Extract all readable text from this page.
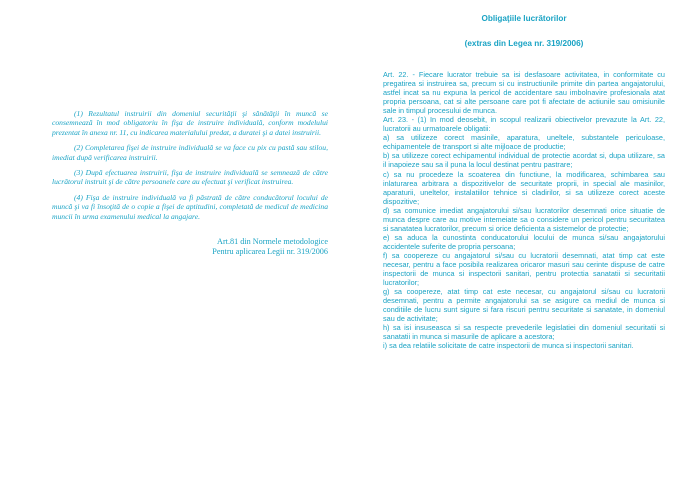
(1) Rezultatul instruirii din domeniul securităţii şi sănătăţii în muncă se consemnează în mod obligatoriu în fişa de instruire individuală, conform modelului prezentat în anexa nr. 11, cu indicarea materialului predat, a duratei şi a datei instruirii.

(2) Completarea fişei de instruire individuală se va face cu pix cu pastă sau stilou, imediat după verificarea instruirii.

(3) După efectuarea instruirii, fişa de instruire individuală se semnează de către lucrătorul instruit şi de către persoanele care au efectuat şi verificat instruirea.

(4) Fişa de instruire individuală va fi păstrată de către conducătorul locului de muncă şi va fi însoţită de o copie a fişei de aptitudini, completată de medicul de medicina muncii în urma examenului medical la angajare.

Art.81 din Normele metodologice
Pentru aplicarea Legii nr. 319/2006
Obligaţiile lucrătorilor
(extras din Legea nr. 319/2006)
Art. 22. - Fiecare lucrator trebuie sa isi desfasoare activitatea, in conformitate cu pregatirea si instruirea sa, precum si cu instructiunile primite din partea angajatorului, astfel incat sa nu expuna la pericol de accidentare sau imbolnavire profesionala atat propria persoana, cat si alte persoane care pot fi afectate de actiunile sau omisiunile sale in timpul procesului de munca.
Art. 23. - (1) In mod deosebit, in scopul realizarii obiectivelor prevazute la Art. 22, lucratorii au urmatoarele obligatii:
a) sa utilizeze corect masinile, aparatura, uneltele, substantele periculoase, echipamentele de transport si alte mijloace de productie;
b) sa utilizeze corect echipamentul individual de protectie acordat si, dupa utilizare, sa il inapoieze sau sa il puna la locul destinat pentru pastrare;
c) sa nu procedeze la scoaterea din functiune, la modificarea, schimbarea sau inlaturarea arbitrara a dispozitivelor de securitate proprii, in special ale masinilor, aparaturii, uneltelor, instalatiilor tehnice si cladirilor, si sa utilizeze corect aceste dispozitive;
d) sa comunice imediat angajatorului si/sau lucratorilor desemnati orice situatie de munca despre care au motive intemeiate sa o considere un pericol pentru securitatea si sanatatea lucratorilor, precum si orice deficienta a sistemelor de protectie;
e) sa aduca la cunostinta conducatorului locului de munca si/sau angajatorului accidentele suferite de propria persoana;
f) sa coopereze cu angajatorul si/sau cu lucratorii desemnati, atat timp cat este necesar, pentru a face posibila realizarea oricaror masuri sau cerinte dispuse de catre inspectorii de munca si inspectorii sanitari, pentru protectia sanatatii si securitatii lucratorilor;
g) sa coopereze, atat timp cat este necesar, cu angajatorul si/sau cu lucratorii desemnati, pentru a permite angajatorului sa se asigure ca mediul de munca si conditiile de lucru sunt sigure si fara riscuri pentru securitate si sanatate, in domeniul sau de activitate;
h) sa isi insuseasca si sa respecte prevederile legislatiei din domeniul securitatii si sanatatii in munca si masurile de aplicare a acestora;
i) sa dea relatiile solicitate de catre inspectorii de munca si inspectorii sanitari.
